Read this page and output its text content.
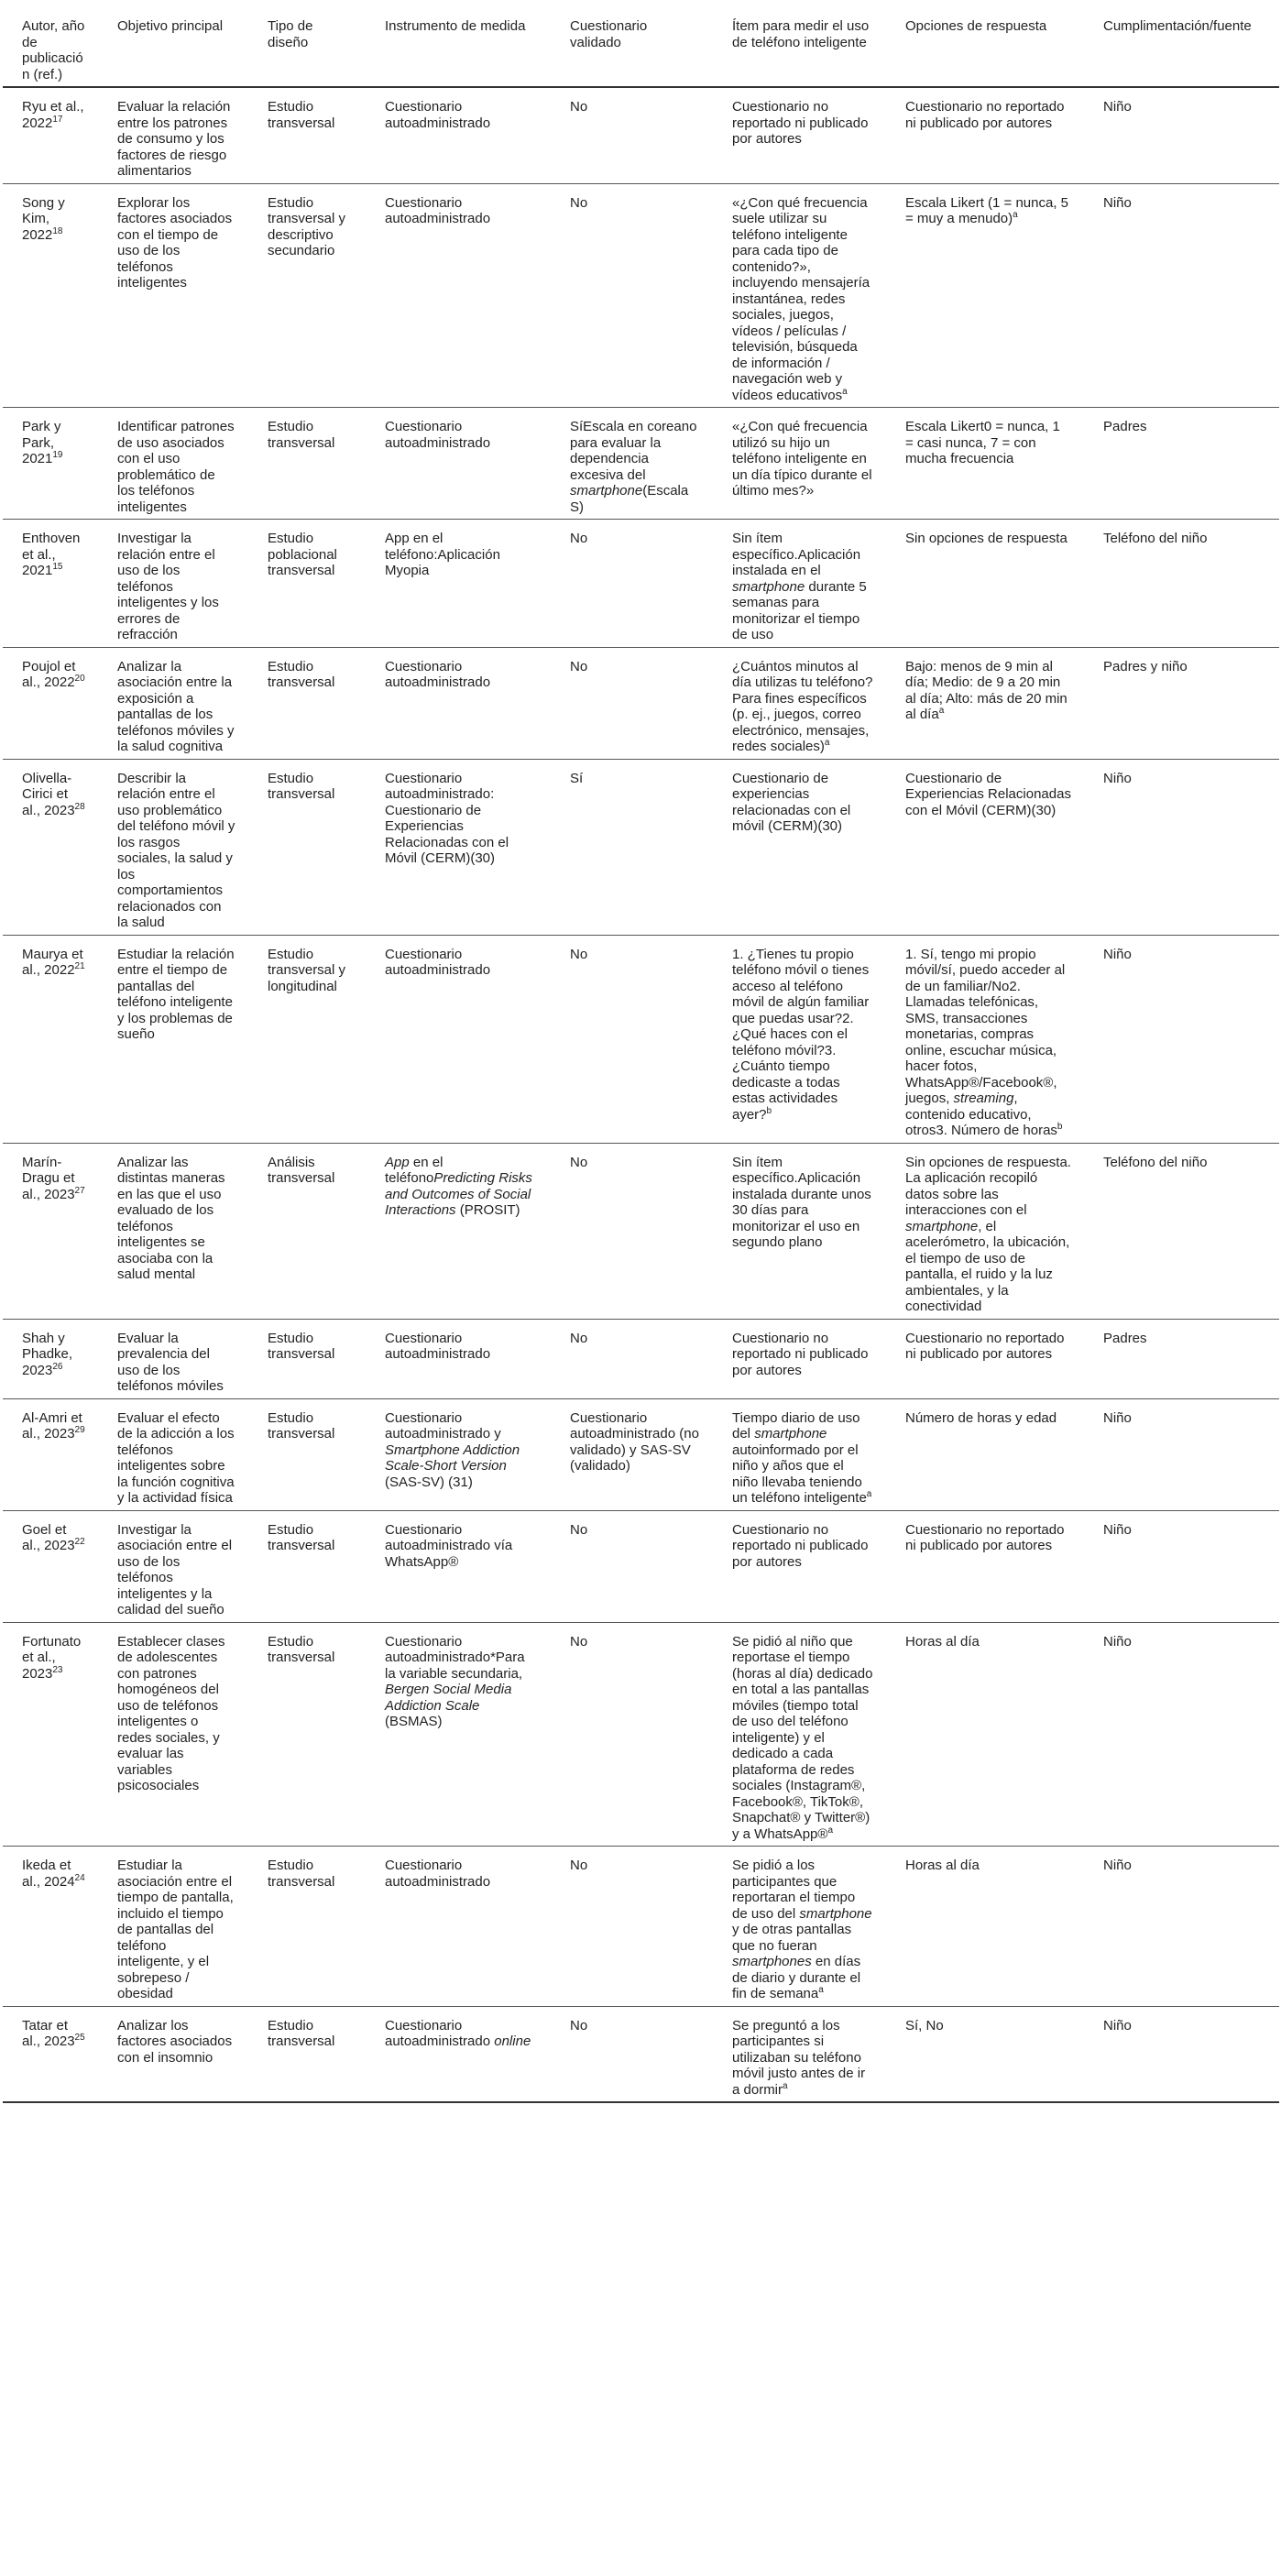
Autor, año de publicación (ref.)	Objetivo principal	Tipo de diseño	Instrumento de medida	Cuestionario validado	Ítem para medir el uso de teléfono inteligente	Opciones de respuesta	Cumplimentación/fuente
Ryu et al., 2022$^{17}$	Evaluar la relación entre los patrones de consumo y los factores de riesgo alimentarios	Estudio transversal	Cuestionario autoadministrado	No	Cuestionario no reportado ni publicado por autores	Cuestionario no reportado ni publicado por autores	Niño
Song y Kim, 2022$^{18}$	Explorar los factores asociados con el tiempo de uso de los teléfonos inteligentes	Estudio transversal y descriptivo secundario	Cuestionario autoadministrado	No	«¿Con qué frecuencia suele utilizar su teléfono inteligente para cada tipo de contenido?», incluyendo mensajería instantánea, redes sociales, juegos, vídeos / películas / televisión, búsqueda de información / navegación web y vídeos educativos$^a$	Escala Likert (1 = nunca, 5 = muy a menudo)$^a$	Niño
Park y Park, 2021$^{19}$	Identificar patrones de uso asociados con el uso problemático de los teléfonos inteligentes	Estudio transversal	Cuestionario autoadministrado	SíEscala en coreano para evaluar la dependencia excesiva del smartphone(Escala S)	«¿Con qué frecuencia utilizó su hijo un teléfono inteligente en un día típico durante el último mes?»	Escala Likert0 = nunca, 1 = casi nunca, 7 = con mucha frecuencia	Padres
Enthoven et al., 2021$^{15}$	Investigar la relación entre el uso de los teléfonos inteligentes y los errores de refracción	Estudio poblacional transversal	App en el teléfono:Aplicación Myopia	No	Sin ítem específico.Aplicación instalada en el smartphone durante 5 semanas para monitorizar el tiempo de uso	Sin opciones de respuesta	Teléfono del niño
Poujol et al., 2022$^{20}$	Analizar la asociación entre la exposición a pantallas de los teléfonos móviles y la salud cognitiva	Estudio transversal	Cuestionario autoadministrado	No	¿Cuántos minutos al día utilizas tu teléfono? Para fines específicos (p. ej., juegos, correo electrónico, mensajes, redes sociales)$^a$	Bajo: menos de 9 min al día; Medio: de 9 a 20 min al día; Alto: más de 20 min al día$^a$	Padres y niño
Olivella-Cirici et al., 2023$^{28}$	Describir la relación entre el uso problemático del teléfono móvil y los rasgos sociales, la salud y los comportamientos relacionados con la salud	Estudio transversal	Cuestionario autoadministrado: Cuestionario de Experiencias Relacionadas con el Móvil (CERM)(30)	Sí	Cuestionario de experiencias relacionadas con el móvil (CERM)(30)	Cuestionario de Experiencias Relacionadas con el Móvil (CERM)(30)	Niño
Maurya et al., 2022$^{21}$	Estudiar la relación entre el tiempo de pantallas del teléfono inteligente y los problemas de sueño	Estudio transversal y longitudinal	Cuestionario autoadministrado	No	1. ¿Tienes tu propio teléfono móvil o tienes acceso al teléfono móvil de algún familiar que puedas usar?2. ¿Qué haces con el teléfono móvil?3. ¿Cuánto tiempo dedicaste a todas estas actividades ayer?$^b$	1. Sí, tengo mi propio móvil/sí, puedo acceder al de un familiar/No2. Llamadas telefónicas, SMS, transacciones monetarias, compras online, escuchar música, hacer fotos, WhatsApp®/Facebook®, juegos, streaming, contenido educativo, otros3. Número de horas$^b$	Niño
Marín-Dragu et al., 2023$^{27}$	Analizar las distintas maneras en las que el uso evaluado de los teléfonos inteligentes se asociaba con la salud mental	Análisis transversal	App en el teléfonoPredicting Risks and Outcomes of Social Interactions (PROSIT)	No	Sin ítem específico.Aplicación instalada durante unos 30 días para monitorizar el uso en segundo plano	Sin opciones de respuesta. La aplicación recopiló datos sobre las interacciones con el smartphone, el acelerómetro, la ubicación, el tiempo de uso de pantalla, el ruido y la luz ambientales, y la conectividad	Teléfono del niño
Shah y Phadke, 2023$^{26}$	Evaluar la prevalencia del uso de los teléfonos móviles	Estudio transversal	Cuestionario autoadministrado	No	Cuestionario no reportado ni publicado por autores	Cuestionario no reportado ni publicado por autores	Padres
Al-Amri et al., 2023$^{29}$	Evaluar el efecto de la adicción a los teléfonos inteligentes sobre la función cognitiva y la actividad física	Estudio transversal	Cuestionario autoadministrado y Smartphone Addiction Scale-Short Version (SAS-SV) (31)	Cuestionario autoadministrado (no validado) y SAS-SV (validado)	Tiempo diario de uso del smartphone autoinformado por el niño y años que el niño llevaba teniendo un teléfono inteligente$^a$	Número de horas y edad	Niño
Goel et al., 2023$^{22}$	Investigar la asociación entre el uso de los teléfonos inteligentes y la calidad del sueño	Estudio transversal	Cuestionario autoadministrado vía WhatsApp®	No	Cuestionario no reportado ni publicado por autores	Cuestionario no reportado ni publicado por autores	Niño
Fortunato et al., 2023$^{23}$	Establecer clases de adolescentes con patrones homogéneos del uso de teléfonos inteligentes o redes sociales, y evaluar las variables psicosociales	Estudio transversal	Cuestionario autoadministrado*Para la variable secundaria, Bergen Social Media Addiction Scale (BSMAS)	No	Se pidió al niño que reportase el tiempo (horas al día) dedicado en total a las pantallas móviles (tiempo total de uso del teléfono inteligente) y el dedicado a cada plataforma de redes sociales (Instagram®, Facebook®, TikTok®, Snapchat® y Twitter®) y a WhatsApp®$^a$	Horas al día	Niño
Ikeda et al., 2024$^{24}$	Estudiar la asociación entre el tiempo de pantalla, incluido el tiempo de pantallas del teléfono inteligente, y el sobrepeso / obesidad	Estudio transversal	Cuestionario autoadministrado	No	Se pidió a los participantes que reportaran el tiempo de uso del smartphone y de otras pantallas que no fueran smartphones en días de diario y durante el fin de semana$^a$	Horas al día	Niño
Tatar et al., 2023$^{25}$	Analizar los factores asociados con el insomnio	Estudio transversal	Cuestionario autoadministrado online	No	Se preguntó a los participantes si utilizaban su teléfono móvil justo antes de ir a dormir$^a$	Sí, No	Niño
